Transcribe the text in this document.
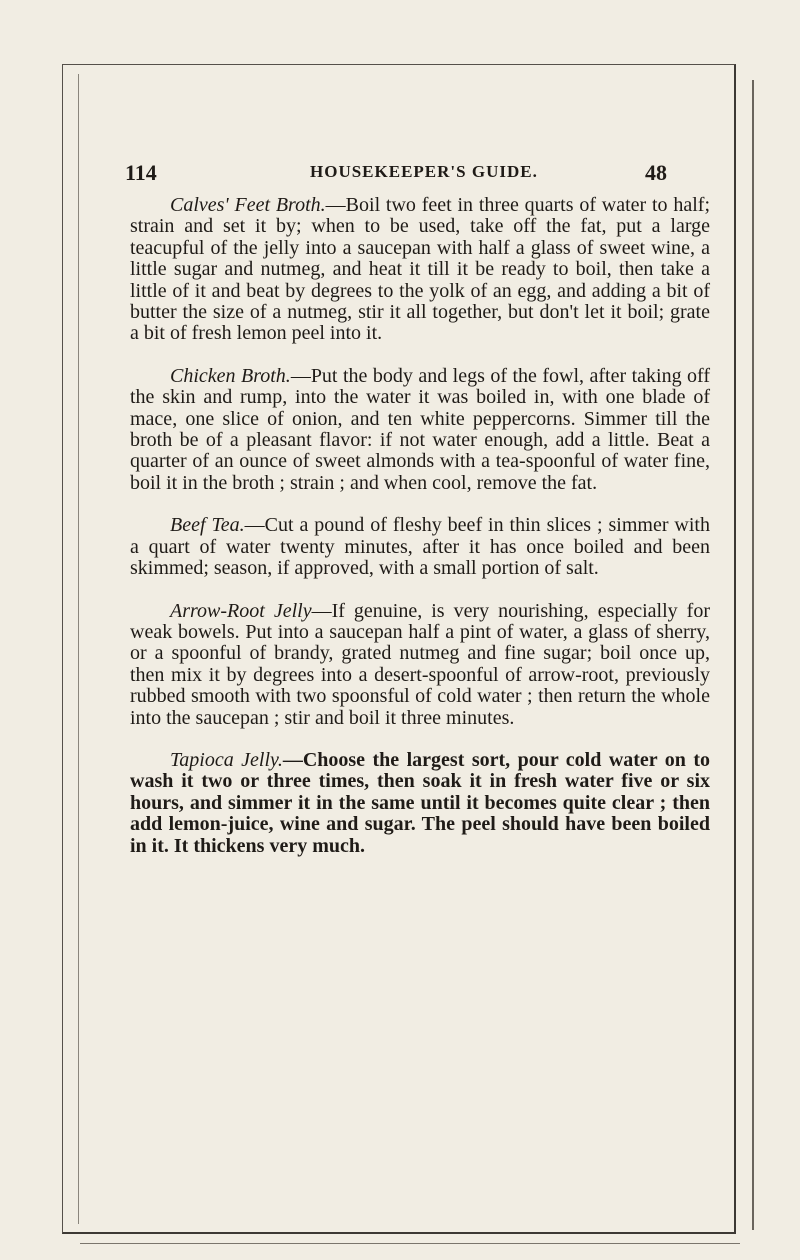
114	HOUSEKEEPER'S GUIDE.	48

Calves' Feet Broth.—Boil two feet in three quarts of water to half; strain and set it by; when to be used, take off the fat, put a large teacupful of the jelly into a saucepan with half a glass of sweet wine, a little sugar and nutmeg, and heat it till it be ready to boil, then take a little of it and beat by degrees to the yolk of an egg, and adding a bit of butter the size of a nutmeg, stir it all together, but don't let it boil; grate a bit of fresh lemon peel into it.

Chicken Broth.—Put the body and legs of the fowl, after taking off the skin and rump, into the water it was boiled in, with one blade of mace, one slice of onion, and ten white peppercorns. Simmer till the broth be of a pleasant flavor: if not water enough, add a little. Beat a quarter of an ounce of sweet almonds with a tea-spoonful of water fine, boil it in the broth ; strain ; and when cool, remove the fat.

Beef Tea.—Cut a pound of fleshy beef in thin slices ; simmer with a quart of water twenty minutes, after it has once boiled and been skimmed; season, if approved, with a small portion of salt.

Arrow-Root Jelly—If genuine, is very nourishing, especially for weak bowels. Put into a saucepan half a pint of water, a glass of sherry, or a spoonful of brandy, grated nutmeg and fine sugar; boil once up, then mix it by degrees into a desert-spoonful of arrow-root, previously rubbed smooth with two spoonsful of cold water ; then return the whole into the saucepan ; stir and boil it three minutes.

Tapioca Jelly.—Choose the largest sort, pour cold water on to wash it two or three times, then soak it in fresh water five or six hours, and simmer it in the same until it becomes quite clear ; then add lemon-juice, wine and sugar. The peel should have been boiled in it. It thickens very much.
